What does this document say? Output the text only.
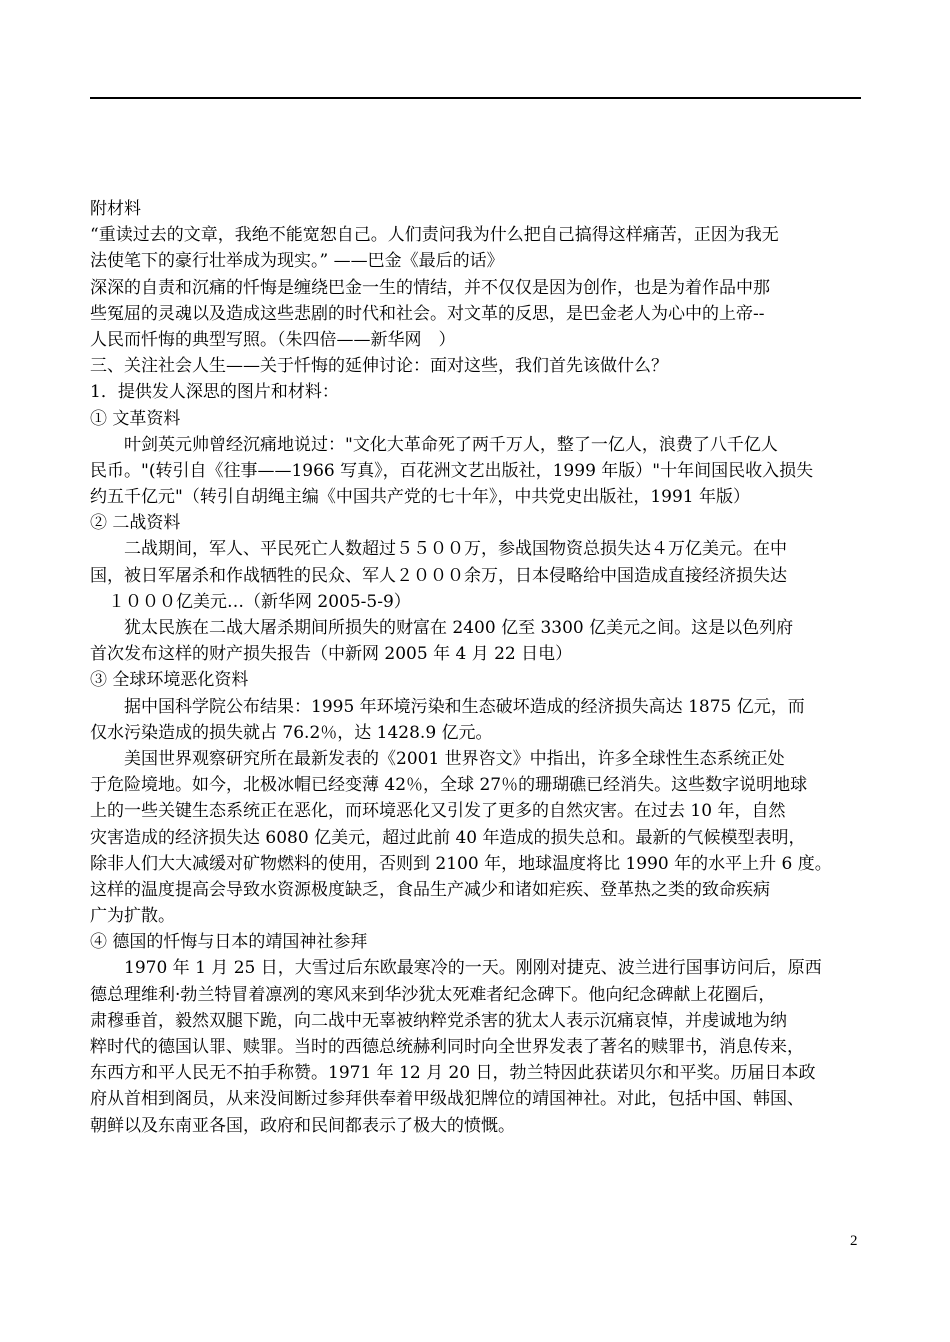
附材料
“重读过去的文章，我绝不能宽恕自己。人们责问我为什么把自己搞得这样痛苦，正因为我无
法使笔下的豪行壮举成为现实。” ——巴金《最后的话》
深深的自责和沉痛的忏悔是缠绕巴金一生的情结，并不仅仅是因为创作，也是为着作品中那
些冤屈的灵魂以及造成这些悲剧的时代和社会。对文革的反思，是巴金老人为心中的上帝--
人民而忏悔的典型写照。（朱四倍——新华网　）
三、关注社会人生——关于忏悔的延伸讨论：面对这些，我们首先该做什么？
1．提供发人深思的图片和材料：
① 文革资料
叶剑英元帅曾经沉痛地说过："文化大革命死了两千万人，整了一亿人，浪费了八千亿人
民币。"(转引自《往事——1966 写真》，百花洲文艺出版社，1999 年版）"十年间国民收入损失
约五千亿元"（转引自胡绳主编《中国共产党的七十年》，中共党史出版社，1991 年版）
② 二战资料
二战期间，军人、平民死亡人数超过５５００万，参战国物资总损失达４万亿美元。在中
国，被日军屠杀和作战牺牲的民众、军人２０００余万，日本侵略给中国造成直接经济损失达
１０００亿美元…（新华网 2005-5-9）
犹太民族在二战大屠杀期间所损失的财富在 2400 亿至 3300 亿美元之间。这是以色列府
首次发布这样的财产损失报告（中新网 2005 年 4 月 22 日电）
③ 全球环境恶化资料
据中国科学院公布结果：1995 年环境污染和生态破坏造成的经济损失高达 1875 亿元，而
仅水污染造成的损失就占 76.2％，达 1428.9 亿元。
美国世界观察研究所在最新发表的《2001 世界咨文》中指出，许多全球性生态系统正处
于危险境地。如今，北极冰帽已经变薄 42％，全球 27％的珊瑚礁已经消失。这些数字说明地球
上的一些关键生态系统正在恶化，而环境恶化又引发了更多的自然灾害。在过去 10 年，自然
灾害造成的经济损失达 6080 亿美元，超过此前 40 年造成的损失总和。最新的气候模型表明，
除非人们大大减缓对矿物燃料的使用，否则到 2100 年，地球温度将比 1990 年的水平上升 6 度。
这样的温度提高会导致水资源极度缺乏，食品生产减少和诸如疟疾、登革热之类的致命疾病
广为扩散。
④ 德国的忏悔与日本的靖国神社参拜
1970 年 1 月 25 日，大雪过后东欧最寒冷的一天。刚刚对捷克、波兰进行国事访问后，原西
德总理维利·勃兰特冒着凛冽的寒风来到华沙犹太死难者纪念碑下。他向纪念碑献上花圈后，
肃穆垂首，毅然双腿下跪，向二战中无辜被纳粹党杀害的犹太人表示沉痛哀悼，并虔诚地为纳
粹时代的德国认罪、赎罪。当时的西德总统赫利同时向全世界发表了著名的赎罪书，消息传来，
东西方和平人民无不拍手称赞。1971 年 12 月 20 日，勃兰特因此获诺贝尔和平奖。历届日本政
府从首相到阁员，从来没间断过参拜供奉着甲级战犯牌位的靖国神社。对此，包括中国、韩国、
朝鲜以及东南亚各国，政府和民间都表示了极大的愤慨。
2
